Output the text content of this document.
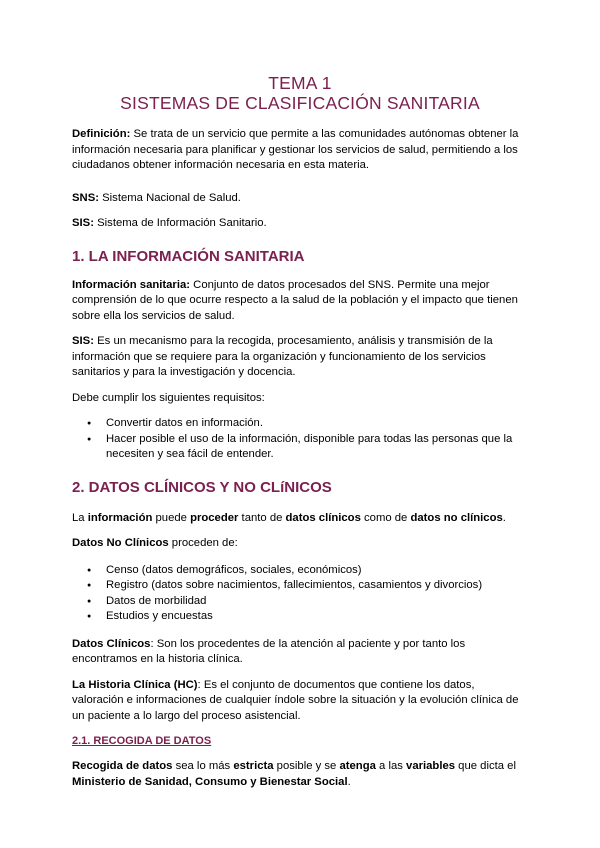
TEMA 1
SISTEMAS DE CLASIFICACIÓN SANITARIA

Definición: Se trata de un servicio que permite a las comunidades autónomas obtener la información necesaria para planificar y gestionar los servicios de salud, permitiendo a los ciudadanos obtener información necesaria en esta materia.

SNS: Sistema Nacional de Salud.

SIS: Sistema de Información Sanitario.

1. LA INFORMACIÓN SANITARIA

Información sanitaria: Conjunto de datos procesados del SNS. Permite una mejor comprensión de lo que ocurre respecto a la salud de la población y el impacto que tienen sobre ella los servicios de salud.

SIS: Es un mecanismo para la recogida, procesamiento, análisis y transmisión de la información que se requiere para la organización y funcionamiento de los servicios sanitarios y para la investigación y docencia.

Debe cumplir los siguientes requisitos:

● Convertir datos en información.
● Hacer posible el uso de la información, disponible para todas las personas que la necesiten y sea fácil de entender.
2. DATOS CLÍNICOS Y NO CLíNICOS

La información puede proceder tanto de datos clínicos como de datos no clínicos.

Datos No Clínicos proceden de:

● Censo (datos demográficos, sociales, económicos)
● Registro (datos sobre nacimientos, fallecimientos, casamientos y divorcios)
● Datos de morbilidad
● Estudios y encuestas

Datos Clínicos: Son los procedentes de la atención al paciente y por tanto los encontramos en la historia clínica.

La Historia Clínica (HC): Es el conjunto de documentos que contiene los datos, valoración e informaciones de cualquier índole sobre la situación y la evolución clínica de un paciente a lo largo del proceso asistencial.

2.1. RECOGIDA DE DATOS

Recogida de datos sea lo más estricta posible y se atenga a las variables que dicta el Ministerio de Sanidad, Consumo y Bienestar Social.
